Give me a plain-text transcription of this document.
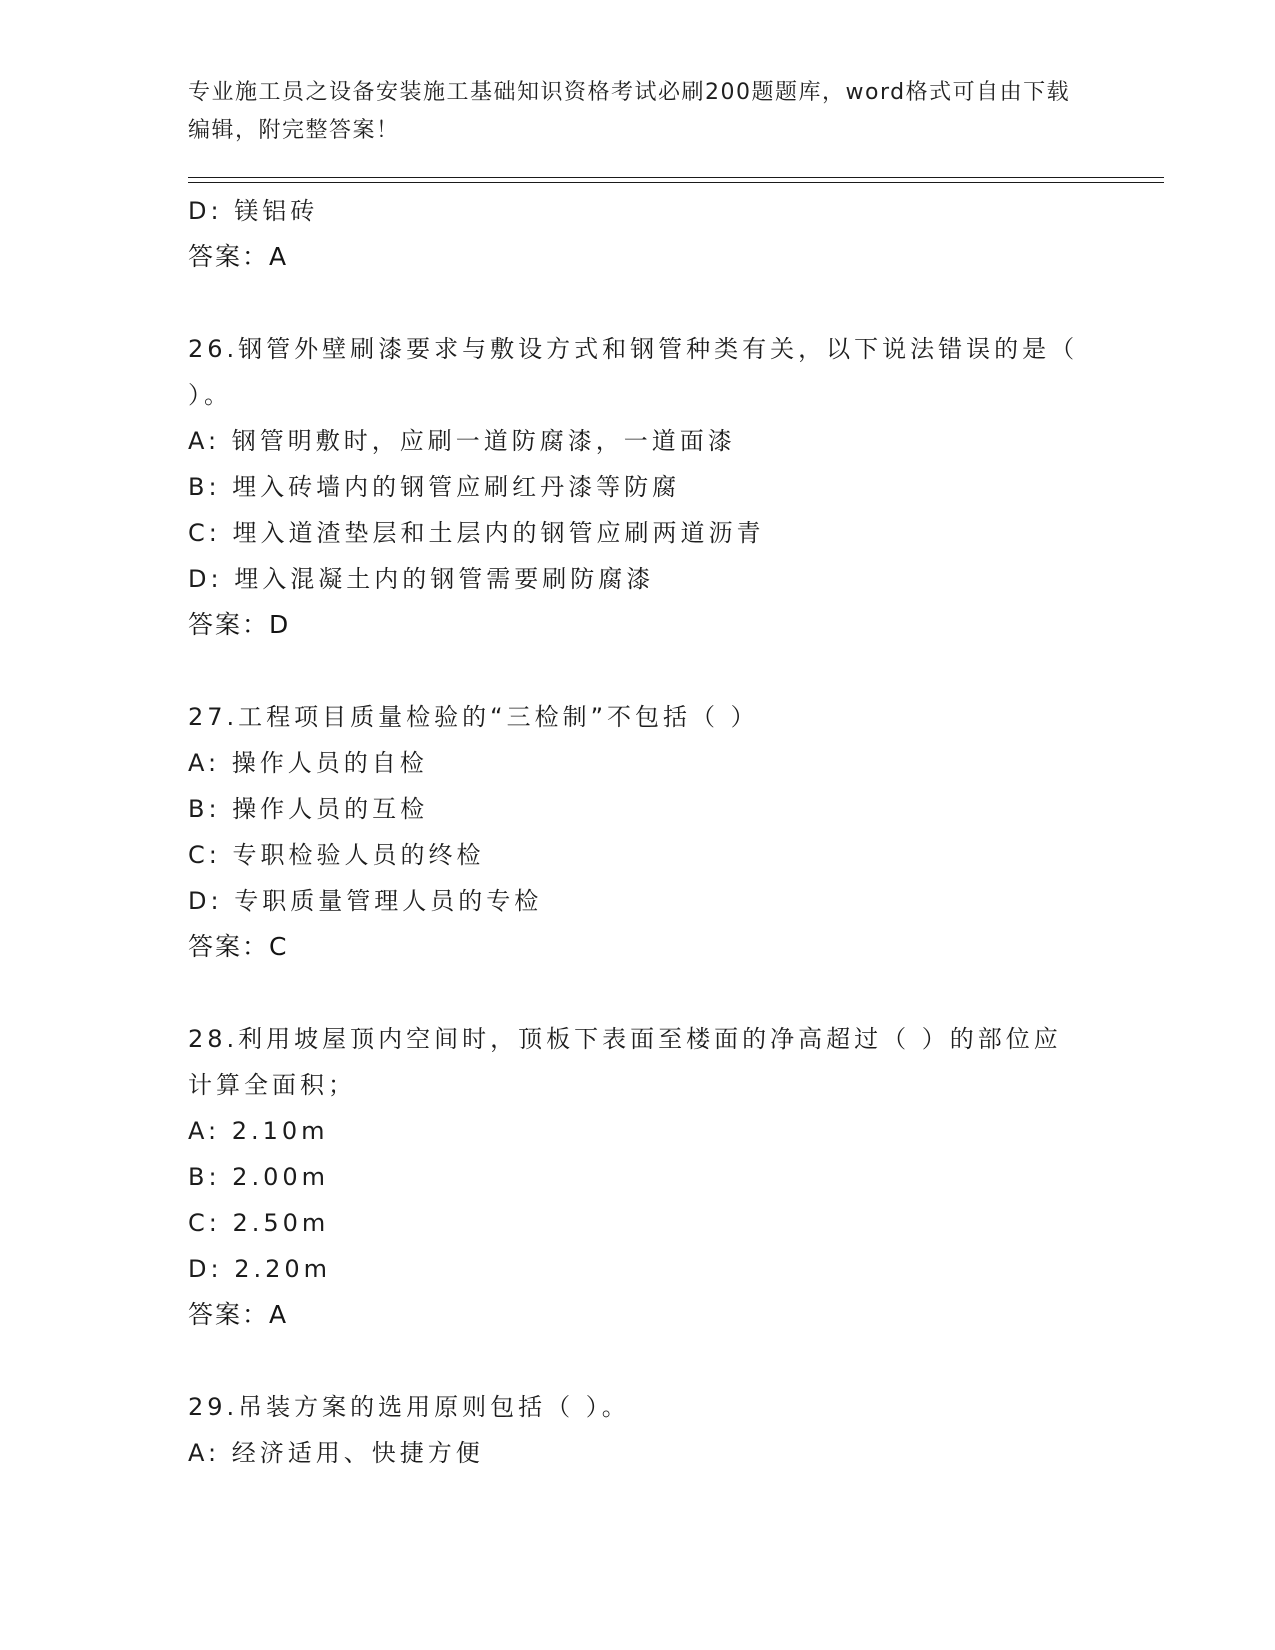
专业施工员之设备安装施工基础知识资格考试必刷200题题库，word格式可自由下载编辑，附完整答案！
D: 镁铝砖
答案：A
26.钢管外壁刷漆要求与敷设方式和钢管种类有关，以下说法错误的是（ ）。
A: 钢管明敷时，应刷一道防腐漆，一道面漆
B: 埋入砖墙内的钢管应刷红丹漆等防腐
C: 埋入道渣垫层和土层内的钢管应刷两道沥青
D: 埋入混凝土内的钢管需要刷防腐漆
答案：D
27.工程项目质量检验的“三检制”不包括（ ）
A: 操作人员的自检
B: 操作人员的互检
C: 专职检验人员的终检
D: 专职质量管理人员的专检
答案：C
28.利用坡屋顶内空间时，顶板下表面至楼面的净高超过（ ）的部位应计算全面积；
A: 2.10m
B: 2.00m
C: 2.50m
D: 2.20m
答案：A
29.吊装方案的选用原则包括（ ）。
A: 经济适用、快捷方便
